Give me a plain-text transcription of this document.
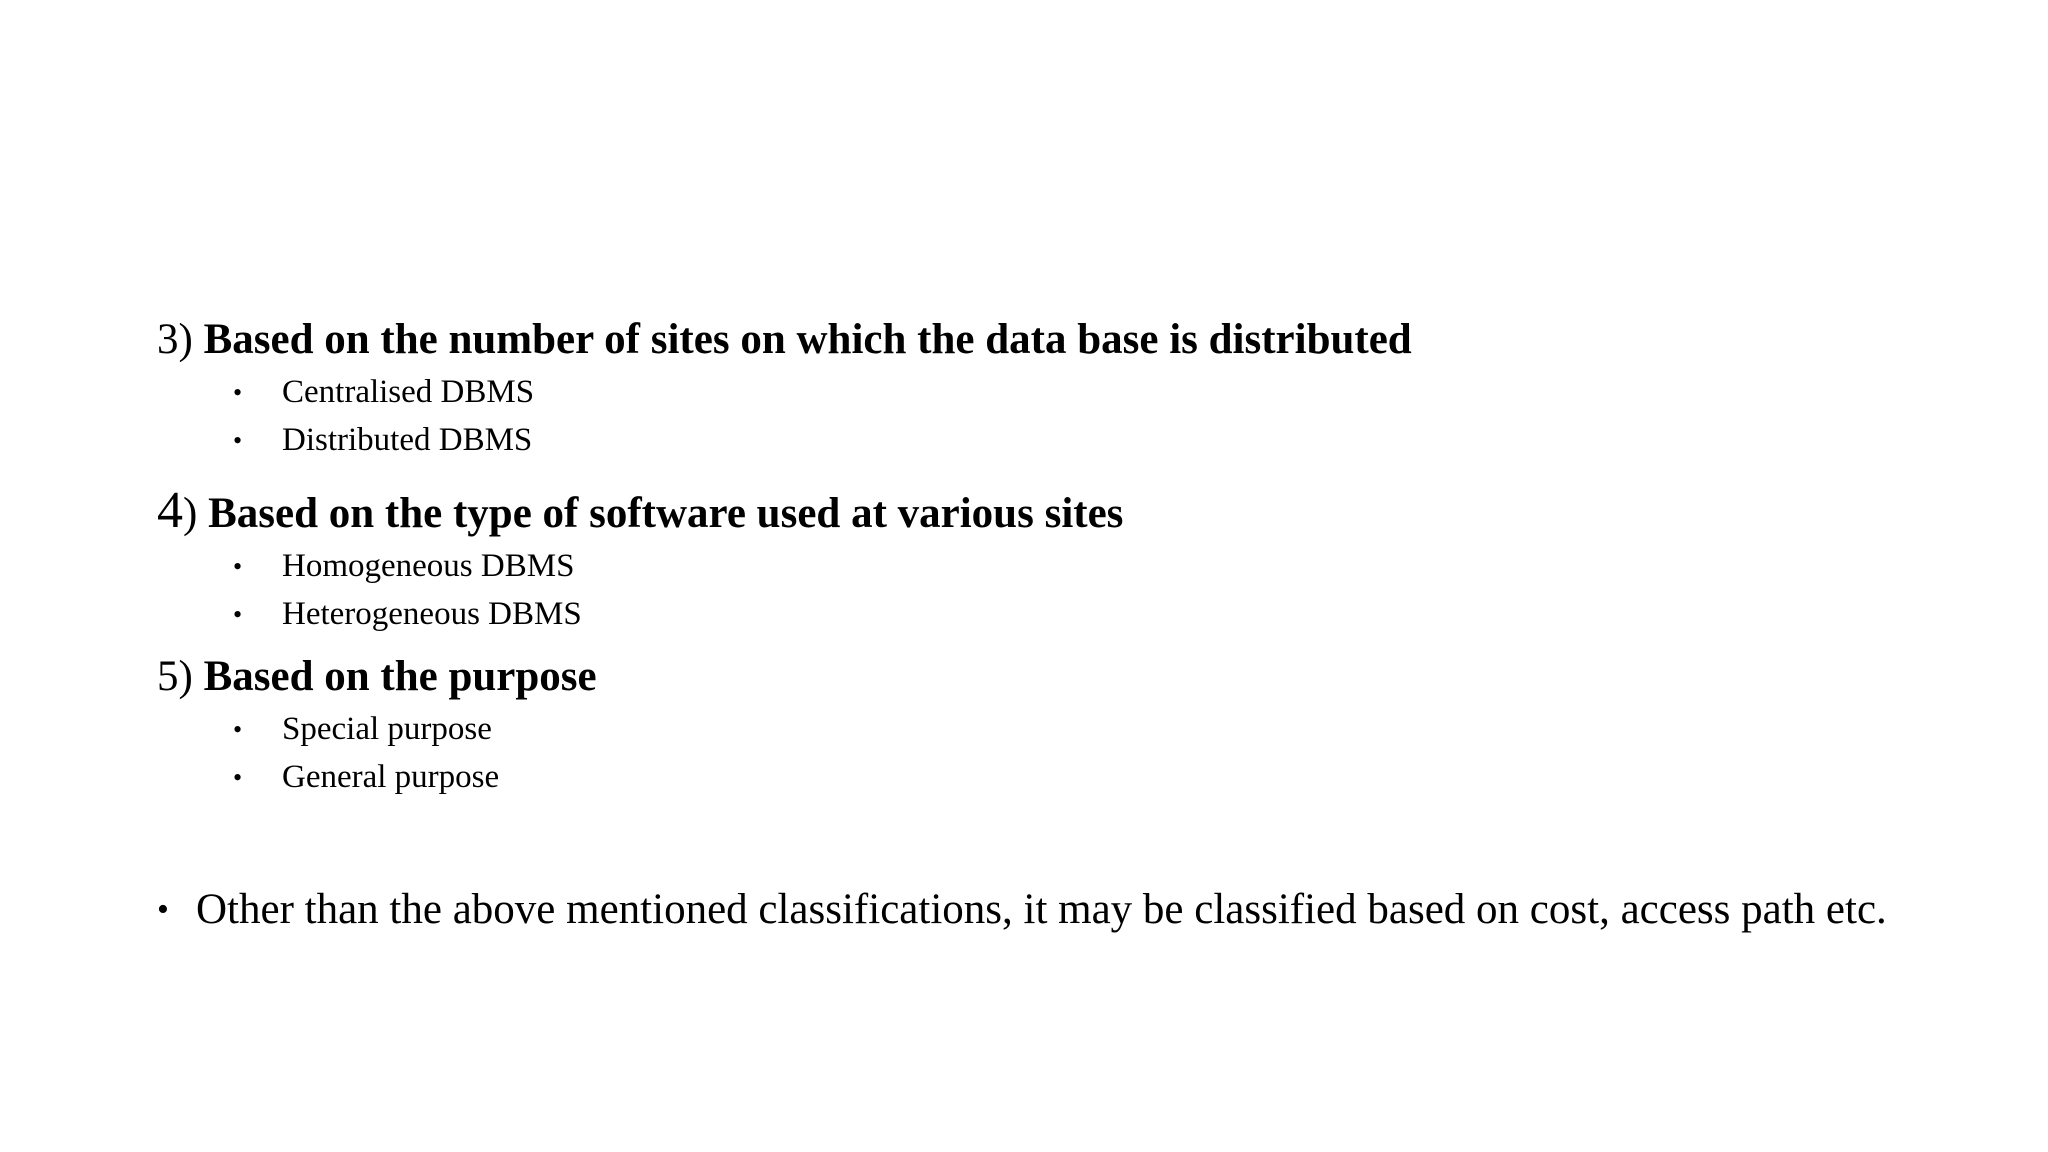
3) Based on the number of sites on which the data base is distributed
• Centralised DBMS
• Distributed DBMS
4) Based on the type of software used at various sites
• Homogeneous DBMS
• Heterogeneous DBMS
5) Based on the purpose
• Special purpose
• General purpose
• Other than the above mentioned classifications, it may be classified based on cost, access path etc.
